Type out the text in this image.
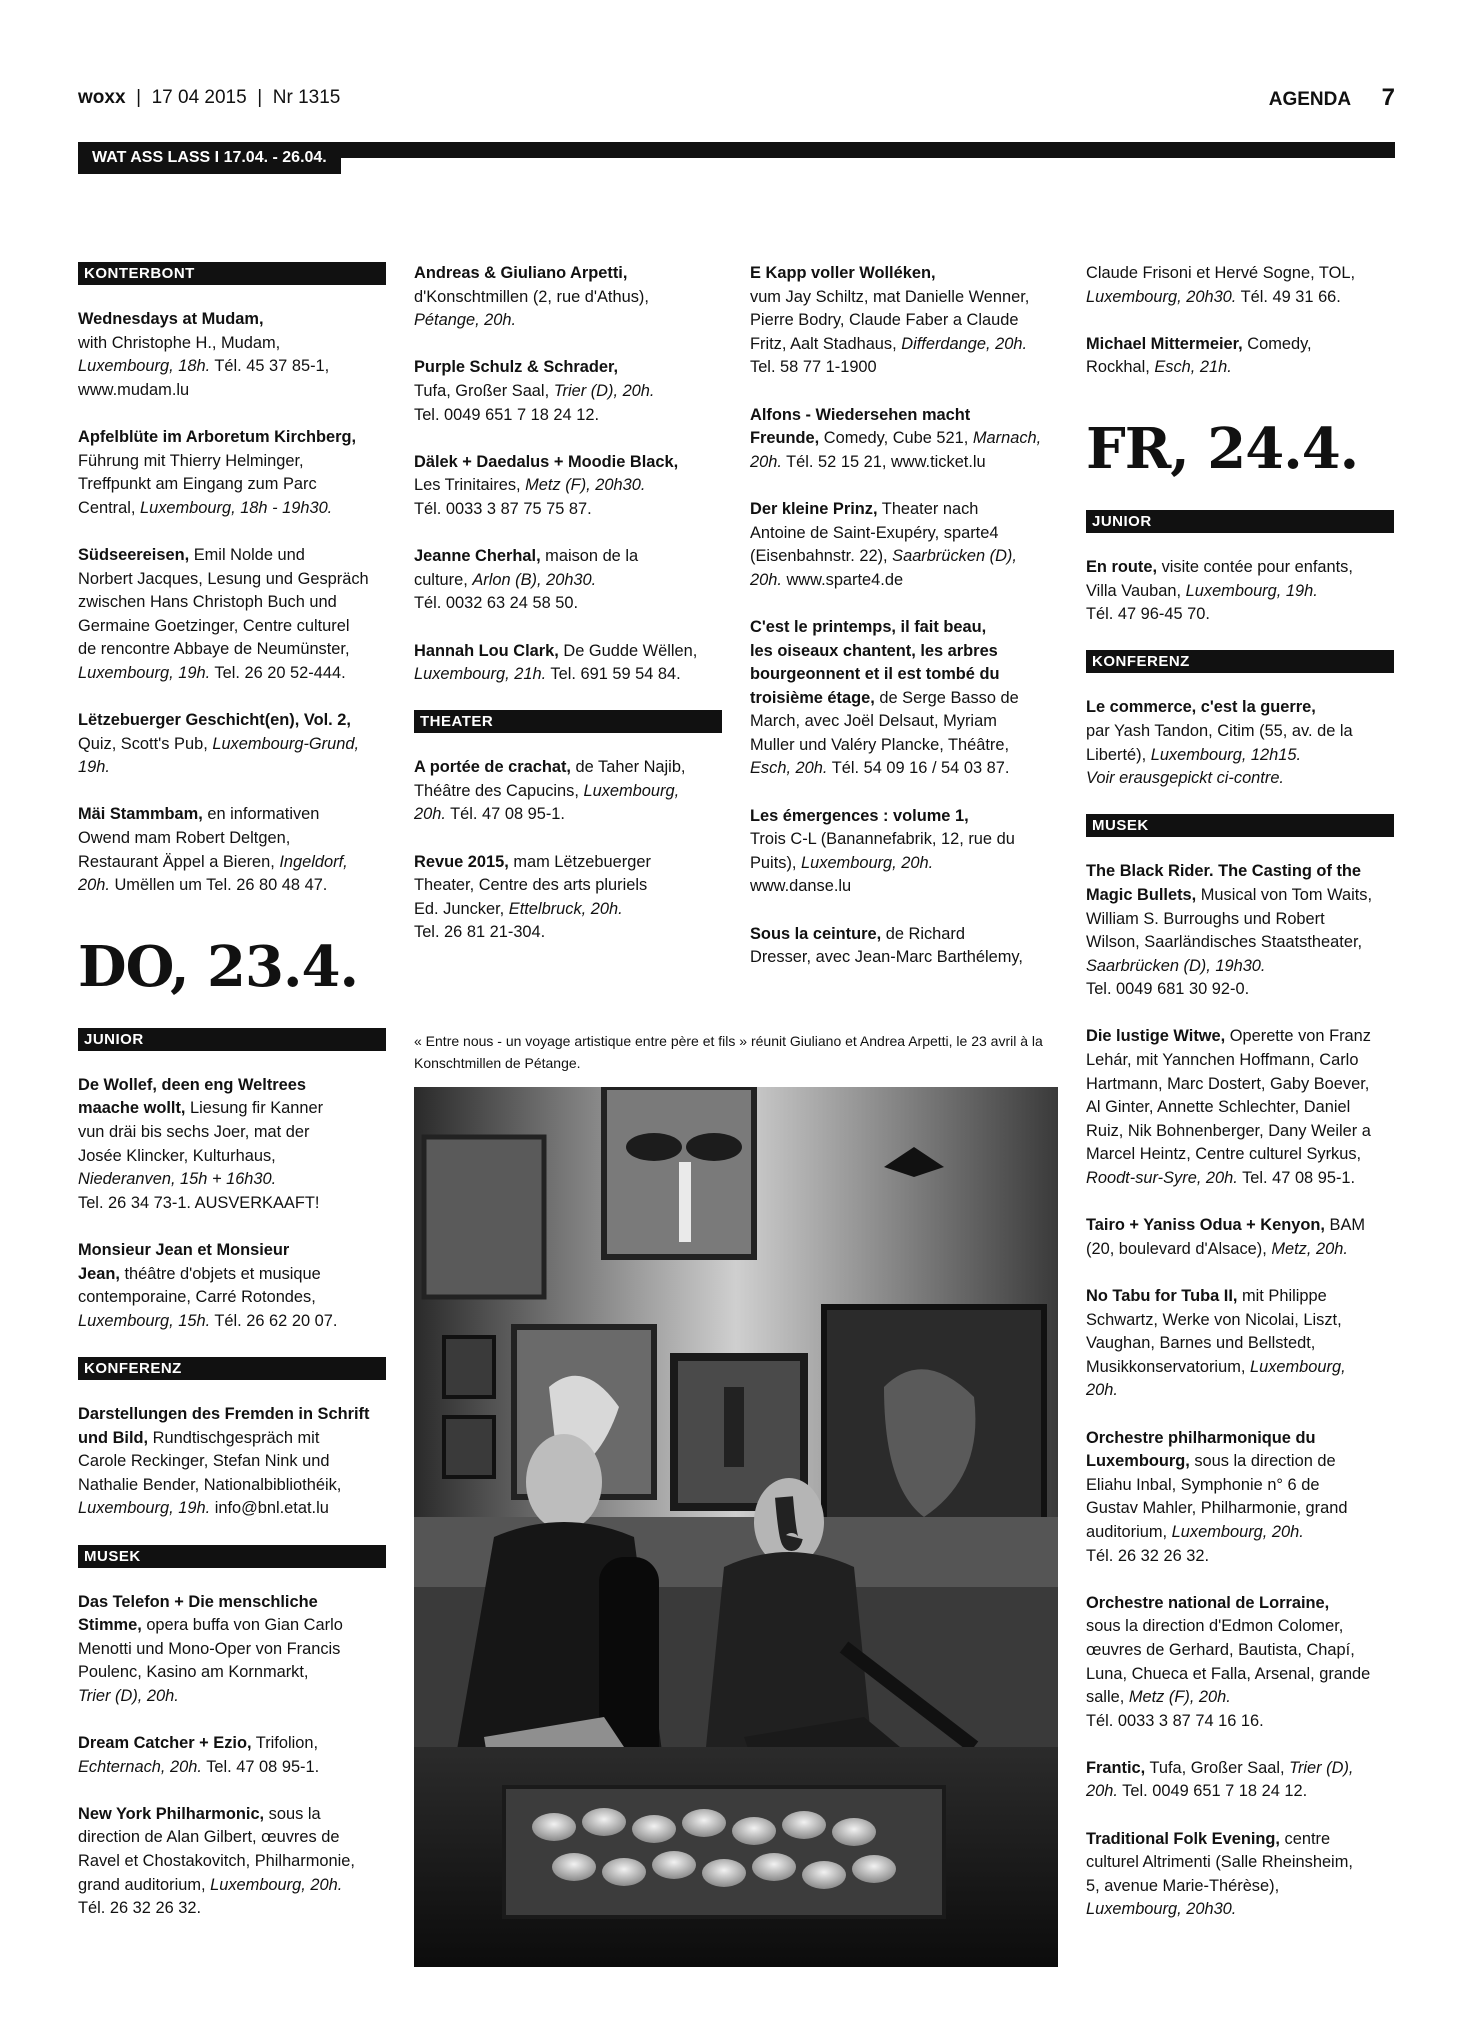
woxx  |  17 04 2015  |  Nr 1315	AGENDA 7
WAT ASS LASS I 17.04. - 26.04.
KONTERBONT

Wednesdays at Mudam,
with Christophe H., Mudam,
Luxembourg, 18h. Tél. 45 37 85-1,
www.mudam.lu

Apfelblüte im Arboretum Kirchberg,
Führung mit Thierry Helminger,
Treffpunkt am Eingang zum Parc
Central, Luxembourg, 18h - 19h30.

Südseereisen, Emil Nolde und
Norbert Jacques, Lesung und Gespräch
zwischen Hans Christoph Buch und
Germaine Goetzinger, Centre culturel
de rencontre Abbaye de Neumünster,
Luxembourg, 19h. Tel. 26 20 52-444.

Lëtzebuerger Geschicht(en), Vol. 2,
Quiz, Scott's Pub, Luxembourg-Grund,
19h.

Mäi Stammbam, en informativen
Owend mam Robert Deltgen,
Restaurant Äppel a Bieren, Ingeldorf,
20h. Umëllen um Tel. 26 80 48 47.

DO, 23.4.
JUNIOR

De Wollef, deen eng Weltrees
maache wollt, Liesung fir Kanner
vun dräi bis sechs Joer, mat der
Josée Klincker, Kulturhaus,
Niederanven, 15h + 16h30.
Tel. 26 34 73-1. AUSVERKAAFT!

Monsieur Jean et Monsieur
Jean, théâtre d'objets et musique
contemporaine, Carré Rotondes,
Luxembourg, 15h. Tél. 26 62 20 07.

KONFERENZ

Darstellungen des Fremden in Schrift
und Bild, Rundtischgespräch mit
Carole Reckinger, Stefan Nink und
Nathalie Bender, Nationalbibliothéik,
Luxembourg, 19h. info@bnl.etat.lu

MUSEK

Das Telefon + Die menschliche
Stimme, opera buffa von Gian Carlo
Menotti und Mono-Oper von Francis
Poulenc, Kasino am Kornmarkt,
Trier (D), 20h.

Dream Catcher + Ezio, Trifolion,
Echternach, 20h. Tel. 47 08 95-1.

New York Philharmonic, sous la
direction de Alan Gilbert, œuvres de
Ravel et Chostakovitch, Philharmonie,
grand auditorium, Luxembourg, 20h.
Tél. 26 32 26 32.

Andreas & Giuliano Arpetti,
d'Konschtmillen (2, rue d'Athus),
Pétange, 20h.

Purple Schulz & Schrader,
Tufa, Großer Saal, Trier (D), 20h.
Tel. 0049 651 7 18 24 12.

Dälek + Daedalus + Moodie Black,
Les Trinitaires, Metz (F), 20h30.
Tél. 0033 3 87 75 75 87.

Jeanne Cherhal, maison de la
culture, Arlon (B), 20h30.
Tél. 0032 63 24 58 50.

Hannah Lou Clark, De Gudde Wëllen,
Luxembourg, 21h. Tel. 691 59 54 84.

THEATER

A portée de crachat, de Taher Najib,
Théâtre des Capucins, Luxembourg,
20h. Tél. 47 08 95-1.

Revue 2015, mam Lëtzebuerger
Theater, Centre des arts pluriels
Ed. Juncker, Ettelbruck, 20h.
Tel. 26 81 21-304.

E Kapp voller Wolléken,
vum Jay Schiltz, mat Danielle Wenner,
Pierre Bodry, Claude Faber a Claude
Fritz, Aalt Stadhaus, Differdange, 20h.
Tel. 58 77 1-1900

Alfons - Wiedersehen macht
Freunde, Comedy, Cube 521, Marnach,
20h. Tél. 52 15 21, www.ticket.lu

Der kleine Prinz, Theater nach
Antoine de Saint-Exupéry, sparte4
(Eisenbahnstr. 22), Saarbrücken (D),
20h. www.sparte4.de

C'est le printemps, il fait beau,
les oiseaux chantent, les arbres
bourgeonnent et il est tombé du
troisième étage, de Serge Basso de
March, avec Joël Delsaut, Myriam
Muller und Valéry Plancke, Théâtre,
Esch, 20h. Tél. 54 09 16 / 54 03 87.

Les émergences : volume 1,
Trois C-L (Banannefabrik, 12, rue du
Puits), Luxembourg, 20h.
www.danse.lu

Sous la ceinture, de Richard
Dresser, avec Jean-Marc Barthélemy,

« Entre nous - un voyage artistique entre père et fils » réunit Giuliano et Andrea Arpetti, le 23 avril à la Konschtmillen de Pétange.

Claude Frisoni et Hervé Sogne, TOL,
Luxembourg, 20h30. Tél. 49 31 66.

Michael Mittermeier, Comedy,
Rockhal, Esch, 21h.

FR, 24.4.
JUNIOR

En route, visite contée pour enfants,
Villa Vauban, Luxembourg, 19h.
Tél. 47 96-45 70.

KONFERENZ

Le commerce, c'est la guerre,
par Yash Tandon, Citim (55, av. de la
Liberté), Luxembourg, 12h15.
Voir erausgepickt ci-contre.

MUSEK

The Black Rider. The Casting of the
Magic Bullets, Musical von Tom Waits,
William S. Burroughs und Robert
Wilson, Saarländisches Staatstheater,
Saarbrücken (D), 19h30.
Tel. 0049 681 30 92-0.

Die lustige Witwe, Operette von Franz
Lehár, mit Yannchen Hoffmann, Carlo
Hartmann, Marc Dostert, Gaby Boever,
Al Ginter, Annette Schlechter, Daniel
Ruiz, Nik Bohnenberger, Dany Weiler a
Marcel Heintz, Centre culturel Syrkus,
Roodt-sur-Syre, 20h. Tel. 47 08 95-1.

Tairo + Yaniss Odua + Kenyon, BAM
(20, boulevard d'Alsace), Metz, 20h.

No Tabu for Tuba II, mit Philippe
Schwartz, Werke von Nicolai, Liszt,
Vaughan, Barnes und Bellstedt,
Musikkonservatorium, Luxembourg,
20h.

Orchestre philharmonique du
Luxembourg, sous la direction de
Eliahu Inbal, Symphonie n° 6 de
Gustav Mahler, Philharmonie, grand
auditorium, Luxembourg, 20h.
Tél. 26 32 26 32.

Orchestre national de Lorraine,
sous la direction d'Edmon Colomer,
œuvres de Gerhard, Bautista, Chapí,
Luna, Chueca et Falla, Arsenal, grande
salle, Metz (F), 20h.
Tél. 0033 3 87 74 16 16.

Frantic, Tufa, Großer Saal, Trier (D),
20h. Tel. 0049 651 7 18 24 12.

Traditional Folk Evening, centre
culturel Altrimenti (Salle Rheinsheim,
5, avenue Marie-Thérèse),
Luxembourg, 20h30.
